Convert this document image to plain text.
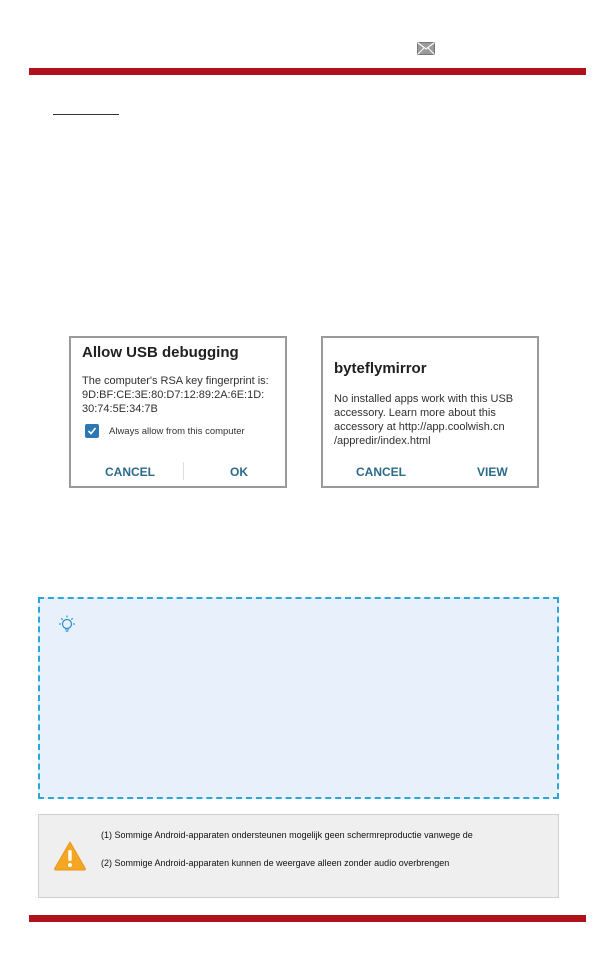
Allow USB debugging
The computer's RSA key fingerprint is:
9D:BF:CE:3E:80:D7:12:89:2A:6E:1D:
30:74:5E:34:7B
Always allow from this computer
CANCEL	OK
byteflymirror
No installed apps work with this USB
accessory. Learn more about this
accessory at http://app.coolwish.cn
/appredir/index.html
CANCEL	VIEW
(1) Sommige Android-apparaten ondersteunen mogelijk geen schermreproductie vanwege de
(2) Sommige Android-apparaten kunnen de weergave alleen zonder audio overbrengen
